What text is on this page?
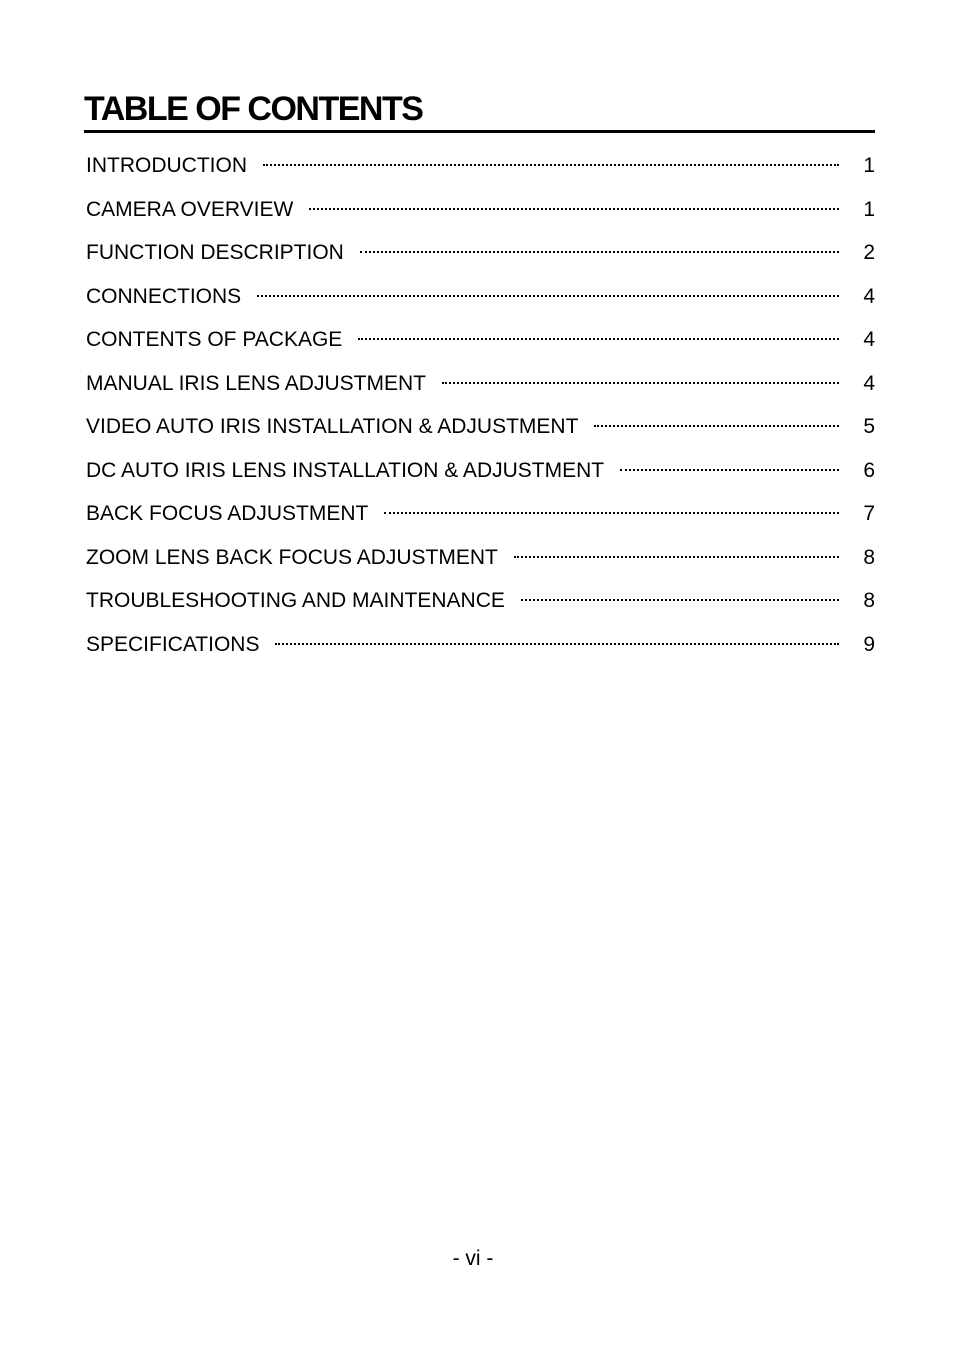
TABLE OF CONTENTS
INTRODUCTION	1
CAMERA OVERVIEW	1
FUNCTION DESCRIPTION	2
CONNECTIONS	4
CONTENTS OF PACKAGE	4
MANUAL IRIS LENS ADJUSTMENT	4
VIDEO AUTO IRIS INSTALLATION & ADJUSTMENT	5
DC AUTO IRIS LENS INSTALLATION & ADJUSTMENT	6
BACK FOCUS ADJUSTMENT	7
ZOOM LENS BACK FOCUS ADJUSTMENT	8
TROUBLESHOOTING AND MAINTENANCE	8
SPECIFICATIONS	9
- vi -
